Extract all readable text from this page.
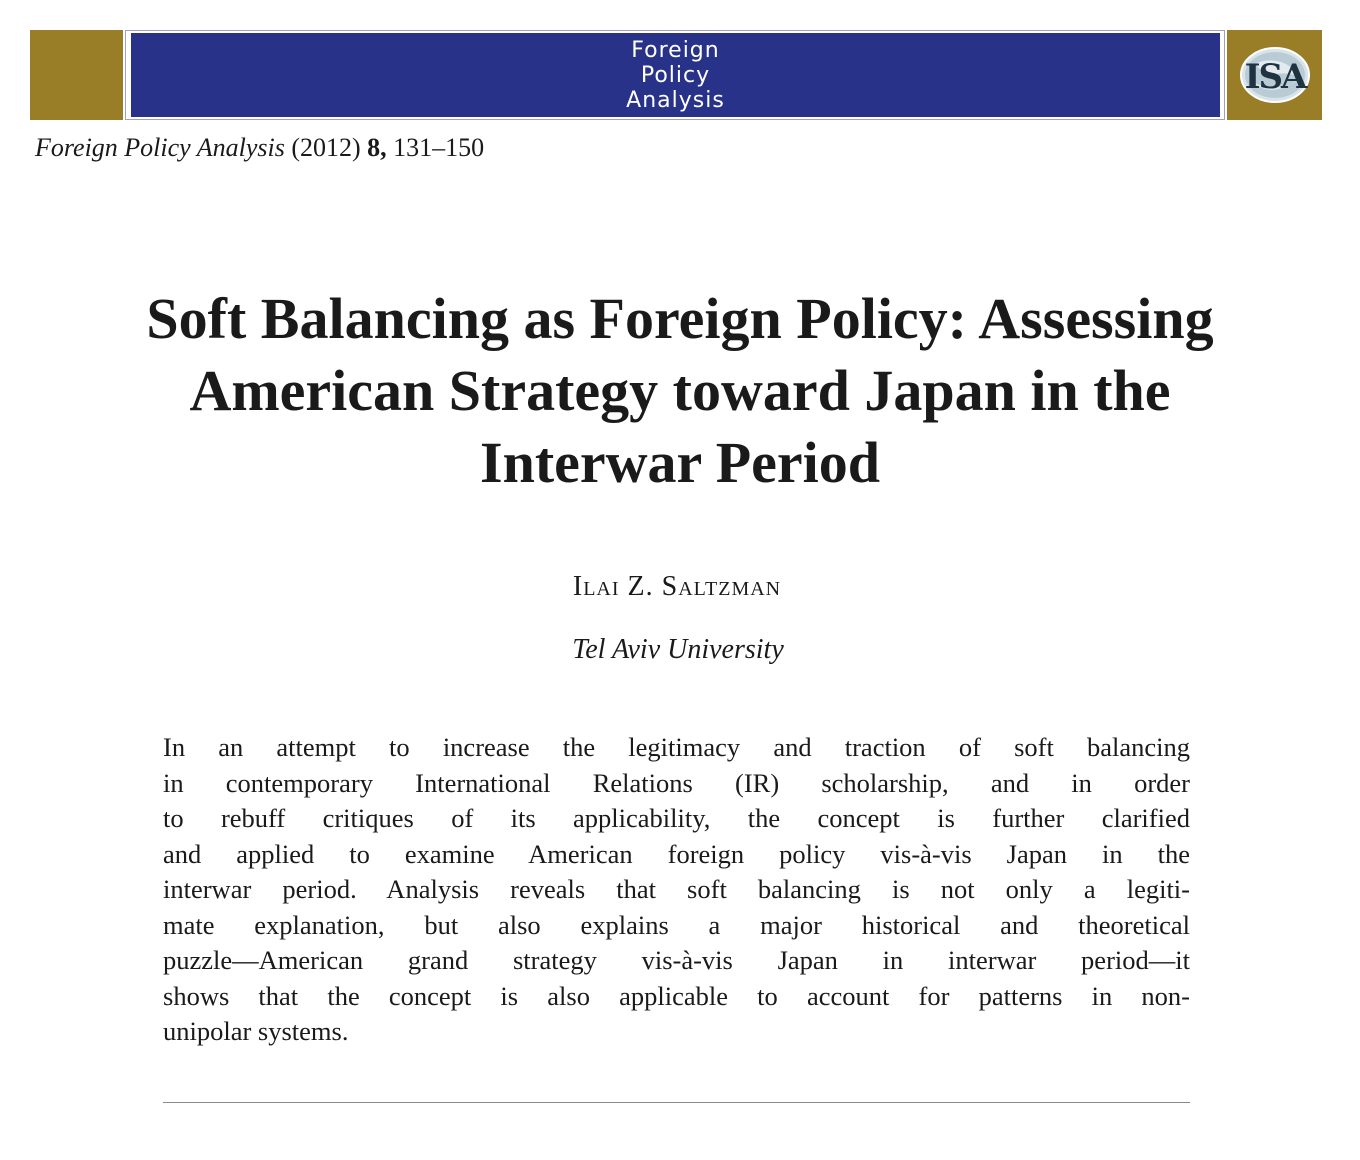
Foreign
Policy
Analysis
ISA
Foreign Policy Analysis (2012) 8, 131–150
Soft Balancing as Foreign Policy: Assessing
American Strategy toward Japan in the
Interwar Period
Ilai Z. Saltzman
Tel Aviv University
In an attempt to increase the legitimacy and traction of soft balancing
in contemporary International Relations (IR) scholarship, and in order
to rebuff critiques of its applicability, the concept is further clarified
and applied to examine American foreign policy vis-à-vis Japan in the
interwar period. Analysis reveals that soft balancing is not only a legiti-
mate explanation, but also explains a major historical and theoretical
puzzle—American grand strategy vis-à-vis Japan in interwar period—it
shows that the concept is also applicable to account for patterns in non-
unipolar systems.
